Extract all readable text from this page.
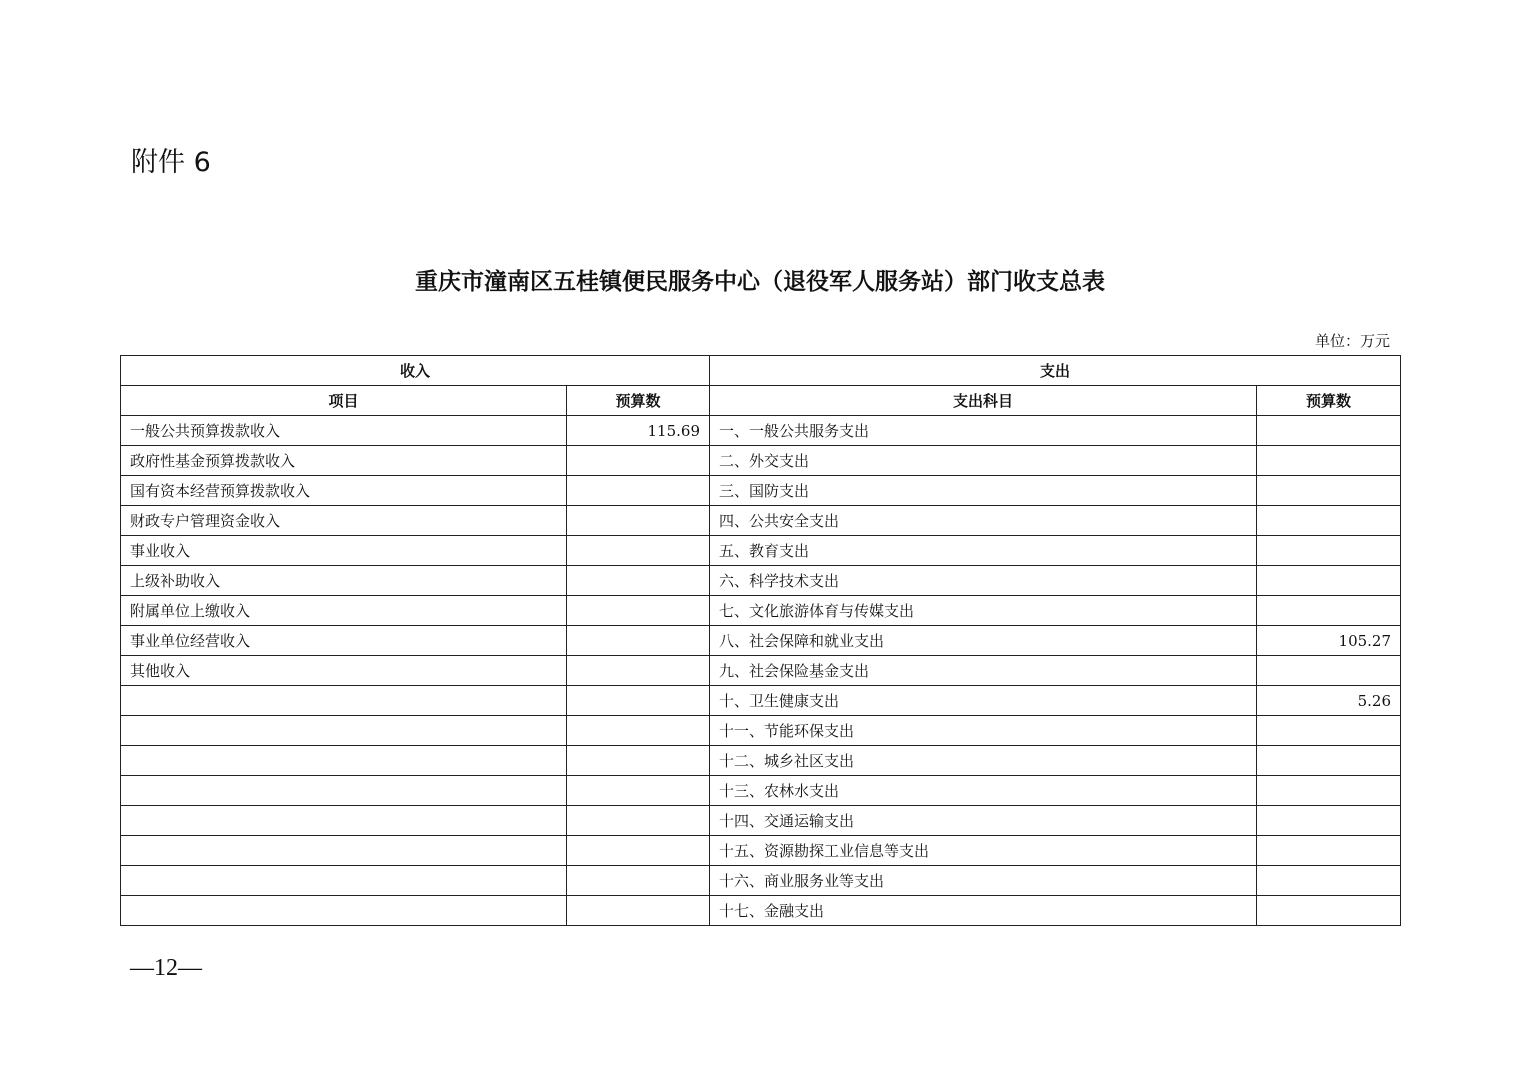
附件 6
重庆市潼南区五桂镇便民服务中心（退役军人服务站）部门收支总表
单位：万元
收入		支出	
项目	预算数	支出科目	预算数
一般公共预算拨款收入	115.69	一、一般公共服务支出	
政府性基金预算拨款收入		二、外交支出	
国有资本经营预算拨款收入		三、国防支出	
财政专户管理资金收入		四、公共安全支出	
事业收入		五、教育支出	
上级补助收入		六、科学技术支出	
附属单位上缴收入		七、文化旅游体育与传媒支出	
事业单位经营收入		八、社会保障和就业支出	105.27
其他收入		九、社会保险基金支出	
		十、卫生健康支出	5.26
		十一、节能环保支出	
		十二、城乡社区支出	
		十三、农林水支出	
		十四、交通运输支出	
		十五、资源勘探工业信息等支出	
		十六、商业服务业等支出	
		十七、金融支出	
—12—
